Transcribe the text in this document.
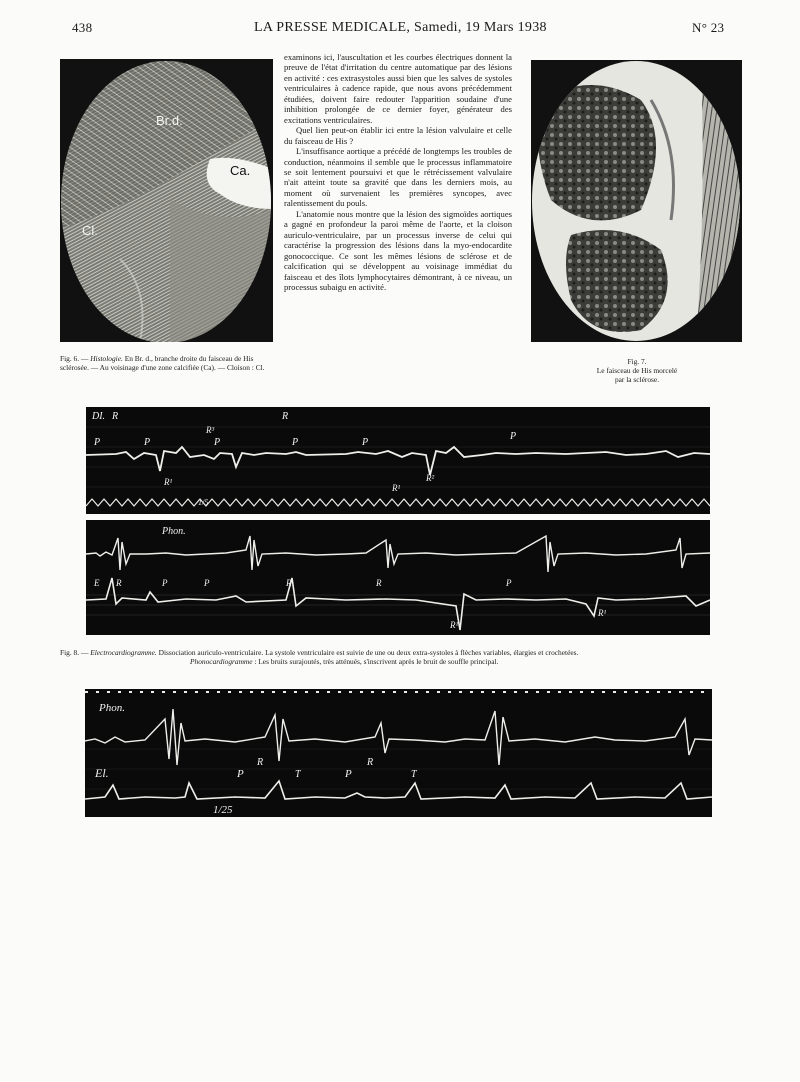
438	LA PRESSE MEDICALE, Samedi, 19 Mars 1938	N° 23
Br.d.
Ca.
Cl.
Fig. 6. — Histologie. En Br. d., branche droite du faisceau de His sclérosée. — Au voisinage d'une zone calcifiée (Ca). — Cloison : Cl.

examinons ici, l'auscultation et les courbes électriques donnent la preuve de l'état d'irritation du centre automatique par des lésions en activité : ces extrasystoles aussi bien que les salves de systoles ventriculaires à cadence rapide, que nous avons précédemment étudiées, doivent faire redouter l'apparition soudaine d'une inhibition prolongée de ce dernier foyer, générateur des excitations ventriculaires.

Quel lien peut-on établir ici entre la lésion valvulaire et celle du faisceau de His ?

L'insuffisance aortique a précédé de longtemps les troubles de conduction, néanmoins il semble que le processus inflammatoire se soit lentement poursuivi et que le rétrécissement valvulaire n'ait atteint toute sa gravité que dans les derniers mois, au moment où survenaient les premières syncopes, avec ralentissement du pouls.

L'anatomie nous montre que la lésion des sigmoïdes aortiques a gagné en profondeur la paroi même de l'aorte, et la cloison auriculo-ventriculaire, par un processus inverse de celui qui caractérise la progression des lésions dans la myo-endocardite gonococcique. Ce sont les mêmes lésions de sclérose et de calcification qui se développent au voisinage immédiat du faisceau et des îlots lymphocytaires démontrant, à ce niveau, un processus subaigu en activité.

Fig. 7.
Le faisceau de His morcelé
par la sclérose.
DI. R
P	P
R³
P
R¹
P
R
P
R¹
R²
P
1/5
Phon.
E R	P	P	R	R	P
R¹
R¹
Fig. 8. — Electrocardiogramme. Dissociation auriculo-ventriculaire. La systole ventriculaire est suivie de une ou deux extra-systoles à flèches variables, élargies et crochetées.
Phonocardiogramme : Les bruits surajoutés, très atténués, s'inscrivent après le bruit de souffle principal.
Phon.
El.	P
R
T	P
R
T
1/25
